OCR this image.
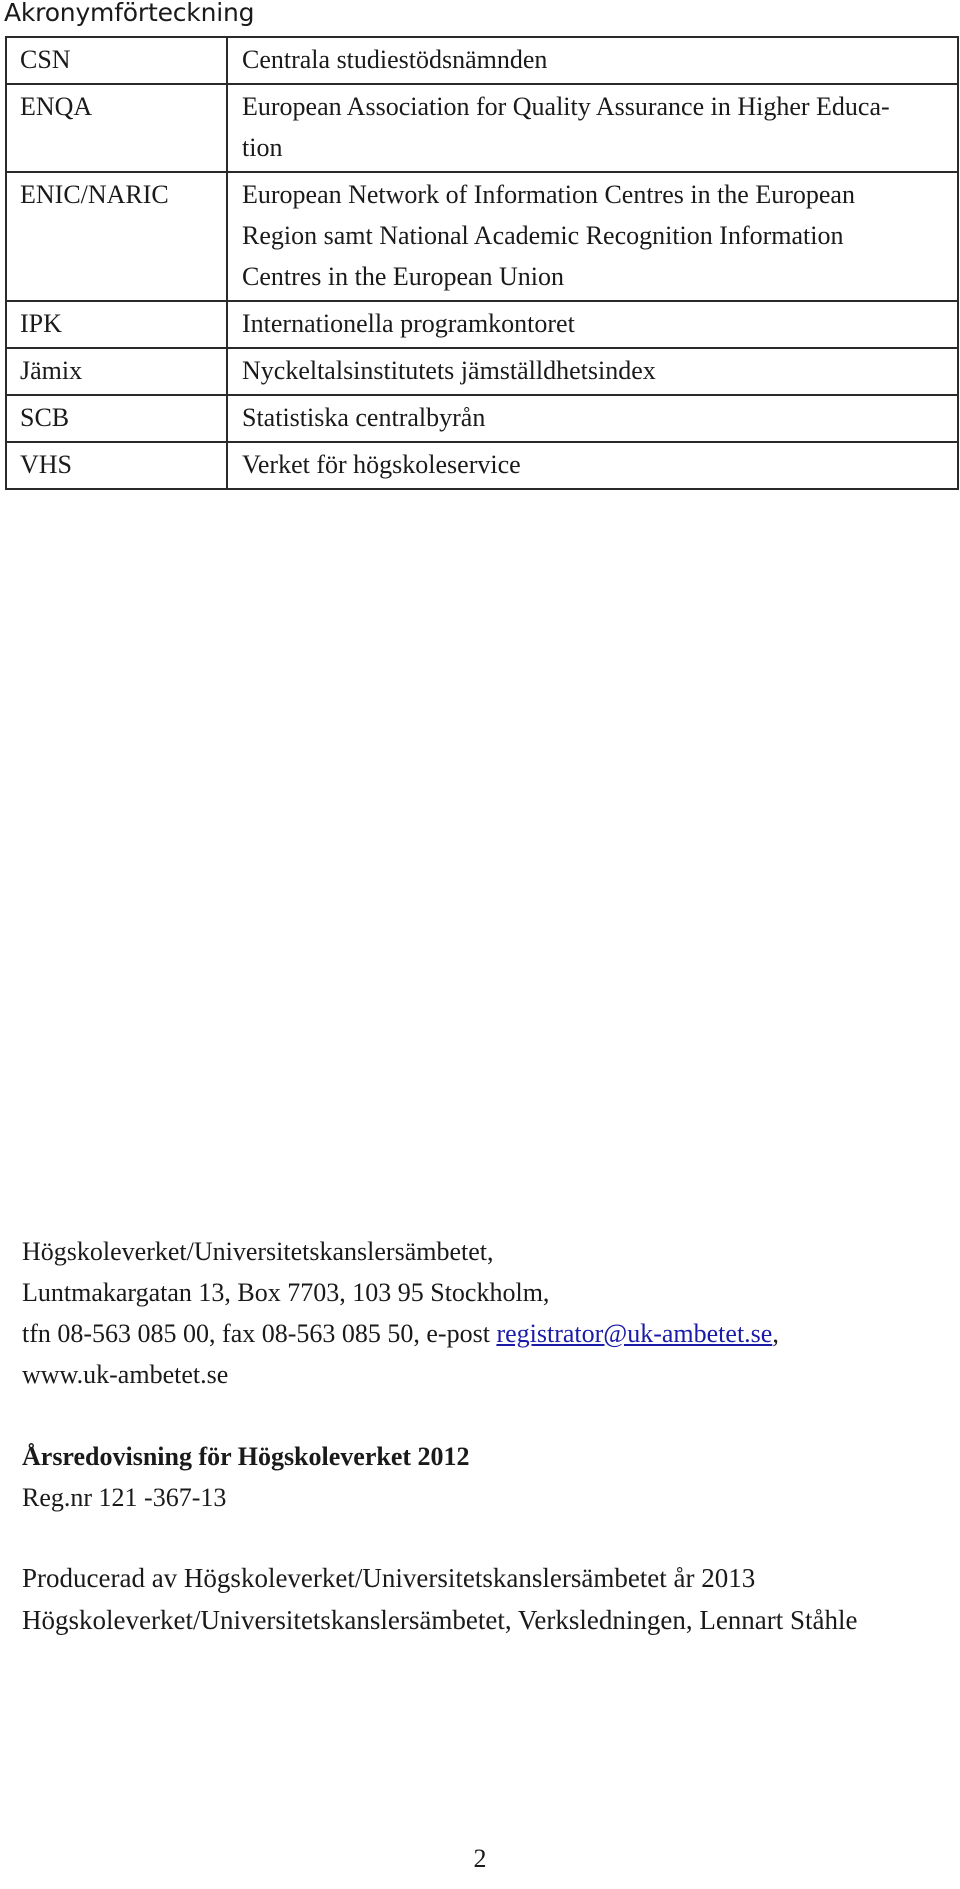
Akronymförteckning
CSN	Centrala studiestödsnämnden
ENQA	European Association for Quality Assurance in Higher Educa-
tion
ENIC/NARIC	European Network of Information Centres in the European
Region samt National Academic Recognition Information
Centres in the European Union
IPK	Internationella programkontoret
Jämix	Nyckeltalsinstitutets jämställdhetsindex
SCB	Statistiska centralbyrån
VHS	Verket för högskoleservice
Högskoleverket/Universitetskanslersämbetet,
Luntmakargatan 13, Box 7703, 103 95 Stockholm,
tfn 08-563 085 00, fax 08-563 085 50, e-post registrator@uk-ambetet.se,
www.uk-ambetet.se
Årsredovisning för Högskoleverket 2012
Reg.nr 121 -367-13
Producerad av Högskoleverket/Universitetskanslersämbetet år 2013
Högskoleverket/Universitetskanslersämbetet, Verksledningen, Lennart Ståhle
2
